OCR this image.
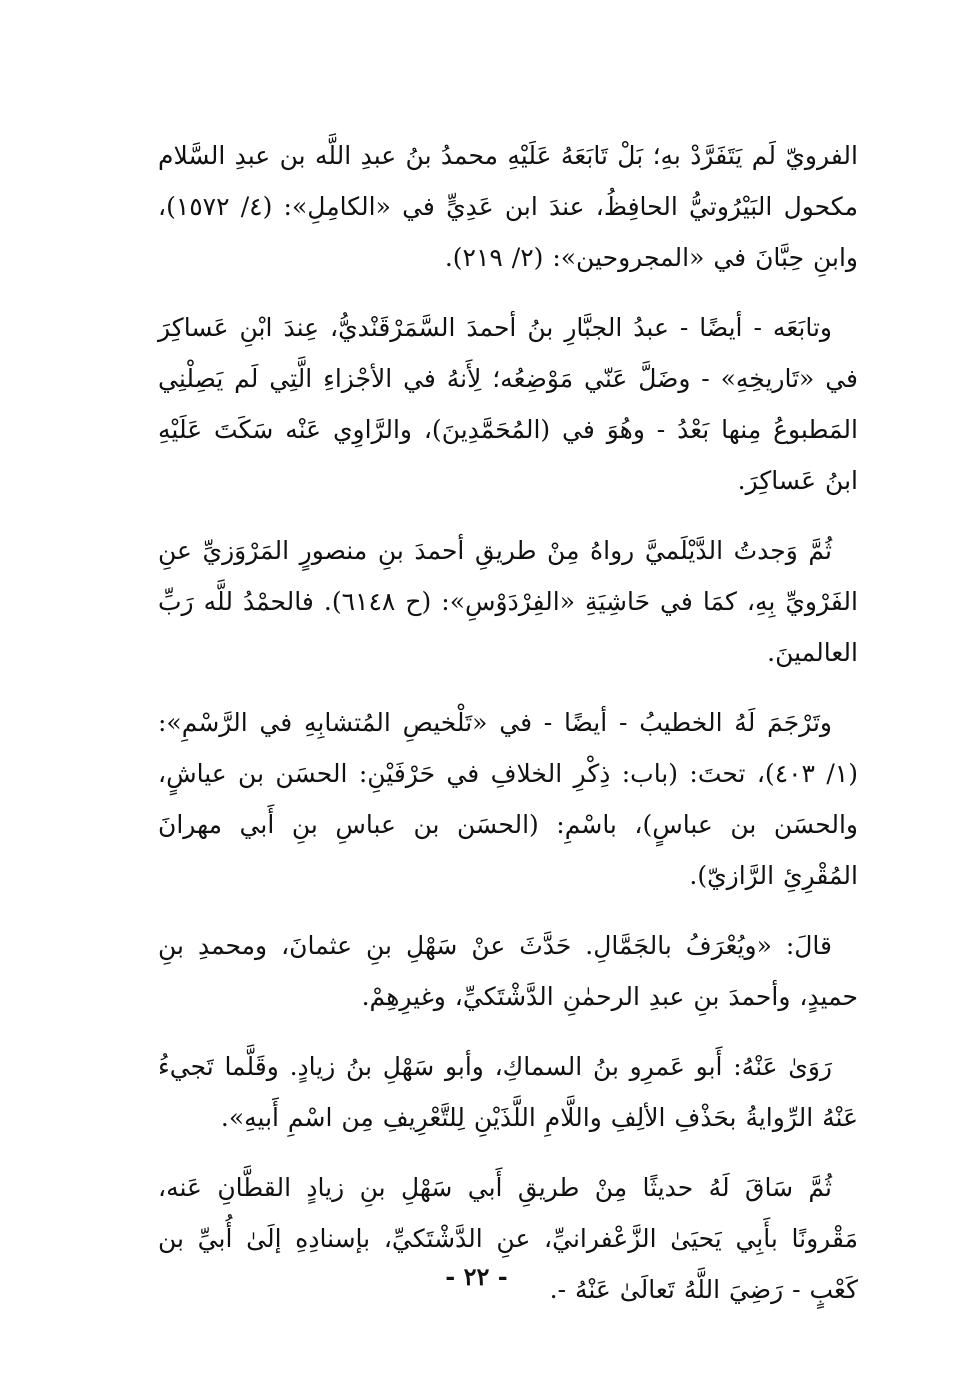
الفرويّ لَم يَتَفَرَّدْ بهِ؛ بَلْ تَابَعَهُ عَلَيْهِ محمدُ بنُ عبدِ اللَّه بن عبدِ السَّلام مكحول البَيْرُوتيُّ الحافِظُ، عندَ ابن عَدِيٍّ في «الكامِلِ»: (٤/ ١٥٧٢)، وابنِ حِبَّانَ في «المجروحين»: (٢/ ٢١٩).

وتابَعَه - أيضًا - عبدُ الجبَّارِ بنُ أحمدَ السَّمَرْقَنْديُّ، عِندَ ابْنِ عَساكِرَ في «تَاريخِهِ» - وضَلَّ عَنّي مَوْضِعُه؛ لِأَنهُ في الأجْزاءِ الَّتِي لَم يَصِلْنِي المَطبوعُ مِنها بَعْدُ - وهُوَ في (المُحَمَّدِينَ)، والرَّاوِي عَنْه سَكَتَ عَلَيْهِ ابنُ عَساكِرَ.

ثُمَّ وَجدتُ الدَّيْلَميَّ رواهُ مِنْ طريقِ أحمدَ بنِ منصورٍ المَرْوَزيِّ عنِ الفَرْويِّ بِهِ، كمَا في حَاشِيَةِ «الفِرْدَوْسِ»: (ح ٦١٤٨). فالحمْدُ للَّه رَبِّ العالمينَ.

وتَرْجَمَ لَهُ الخطيبُ - أيضًا - في «تَلْخيصِ المُتشابِهِ في الرَّسْمِ»: (١/ ٤٠٣)، تحتَ: (باب: ذِكْرِ الخلافِ في حَرْفَيْنِ: الحسَن بن عياشٍ، والحسَن بن عباسٍ)، باسْمِ: (الحسَن بن عباسِ بنِ أَبي مهرانَ المُقْرِئِ الرَّازيّ).

قالَ: «ويُعْرَفُ بالجَمَّالِ. حَدَّثَ عنْ سَهْلِ بنِ عثمانَ، ومحمدِ بنِ حميدٍ، وأحمدَ بنِ عبدِ الرحمٰنِ الدَّشْتَكيِّ، وغيرِهِمْ.

رَوَىٰ عَنْهُ: أَبو عَمرِو بنُ السماكِ، وأبو سَهْلِ بنُ زيادٍ. وقَلَّما تَجيءُ عَنْهُ الرِّوايةُ بحَذْفِ الألِفِ واللَّامِ اللَّذَيْنِ لِلتَّعْرِيفِ مِن اسْمِ أَبيهِ».

ثُمَّ سَاقَ لَهُ حديثًا مِنْ طريقِ أَبي سَهْلِ بنِ زيادٍ القطَّانِ عَنه، مَقْرونًا بأَبِي يَحيَىٰ الزَّعْفرانيِّ، عنِ الدَّشْتَكيِّ، بإسنادِهِ إلَىٰ أُبيِّ بن كَعْبٍ - رَضِيَ اللَّهُ تَعالَىٰ عَنْهُ -.

- ٢٢ -
